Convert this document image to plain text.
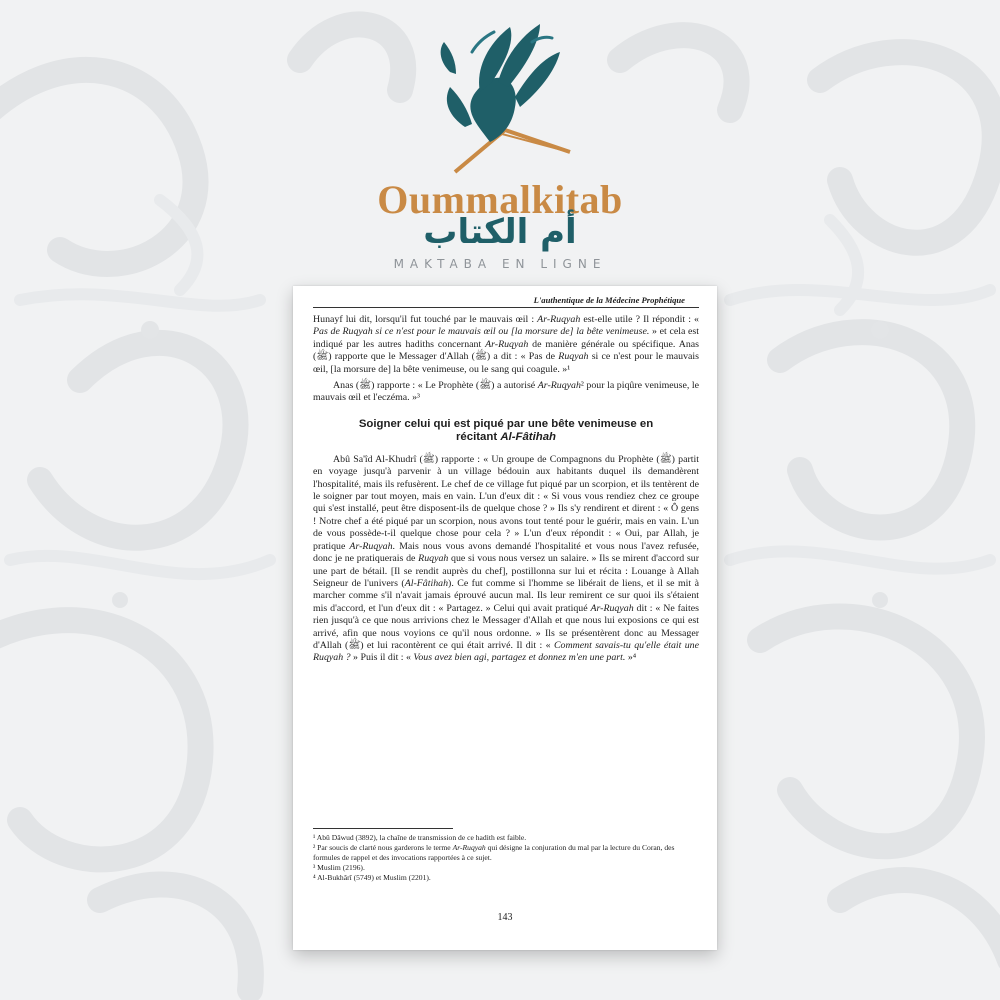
Oummalkitab
أم الكتاب
MAKTABA EN LIGNE
L'authentique de la Médecine Prophétique

Hunayf lui dit, lorsqu'il fut touché par le mauvais œil : Ar-Ruqyah est-elle utile ? Il répondit : « Pas de Ruqyah si ce n'est pour le mauvais œil ou [la morsure de] la bête venimeuse. » et cela est indiqué par les autres hadiths concernant Ar-Ruqyah de manière générale ou spécifique. Anas (ﷺ) rapporte que le Messager d'Allah (ﷺ) a dit : « Pas de Ruqyah si ce n'est pour le mauvais œil, [la morsure de] la bête venimeuse, ou le sang qui coagule. »¹

Anas (ﷺ) rapporte : « Le Prophète (ﷺ) a autorisé Ar-Ruqyah² pour la piqûre venimeuse, le mauvais œil et l'eczéma. »³

Soigner celui qui est piqué par une bête venimeuse en
récitant Al-Fâtihah

Abû Sa'îd Al-Khudrî (ﷺ) rapporte : « Un groupe de Compagnons du Prophète (ﷺ) partit en voyage jusqu'à parvenir à un village bédouin aux habitants duquel ils demandèrent l'hospitalité, mais ils refusèrent. Le chef de ce village fut piqué par un scorpion, et ils tentèrent de le soigner par tout moyen, mais en vain. L'un d'eux dit : « Si vous vous rendiez chez ce groupe qui s'est installé, peut être disposent-ils de quelque chose ? » Ils s'y rendirent et dirent : « Ô gens ! Notre chef a été piqué par un scorpion, nous avons tout tenté pour le guérir, mais en vain. L'un de vous possède-t-il quelque chose pour cela ? » L'un d'eux répondit : « Oui, par Allah, je pratique Ar-Ruqyah. Mais nous vous avons demandé l'hospitalité et vous nous l'avez refusée, donc je ne pratiquerais de Ruqyah que si vous nous versez un salaire. » Ils se mirent d'accord sur une part de bétail. [Il se rendit auprès du chef], postillonna sur lui et récita : Louange à Allah Seigneur de l'univers (Al-Fâtihah). Ce fut comme si l'homme se libérait de liens, et il se mit à marcher comme s'il n'avait jamais éprouvé aucun mal. Ils leur remirent ce sur quoi ils s'étaient mis d'accord, et l'un d'eux dit : « Partagez. » Celui qui avait pratiqué Ar-Ruqyah dit : « Ne faites rien jusqu'à ce que nous arrivions chez le Messager d'Allah et que nous lui exposions ce qui est arrivé, afin que nous voyions ce qu'il nous ordonne. » Ils se présentèrent donc au Messager d'Allah (ﷺ) et lui racontèrent ce qui était arrivé. Il dit : « Comment savais-tu qu'elle était une Ruqyah ? » Puis il dit : « Vous avez bien agi, partagez et donnez m'en une part. »⁴

¹ Abû Dâwud (3892), la chaîne de transmission de ce hadith est faible.

² Par soucis de clarté nous garderons le terme Ar-Ruqyah qui désigne la conjuration du mal par la lecture du Coran, des formules de rappel et des invocations rapportées à ce sujet.

³ Muslim (2196).

⁴ Al-Bukhârî (5749) et Muslim (2201).

143
